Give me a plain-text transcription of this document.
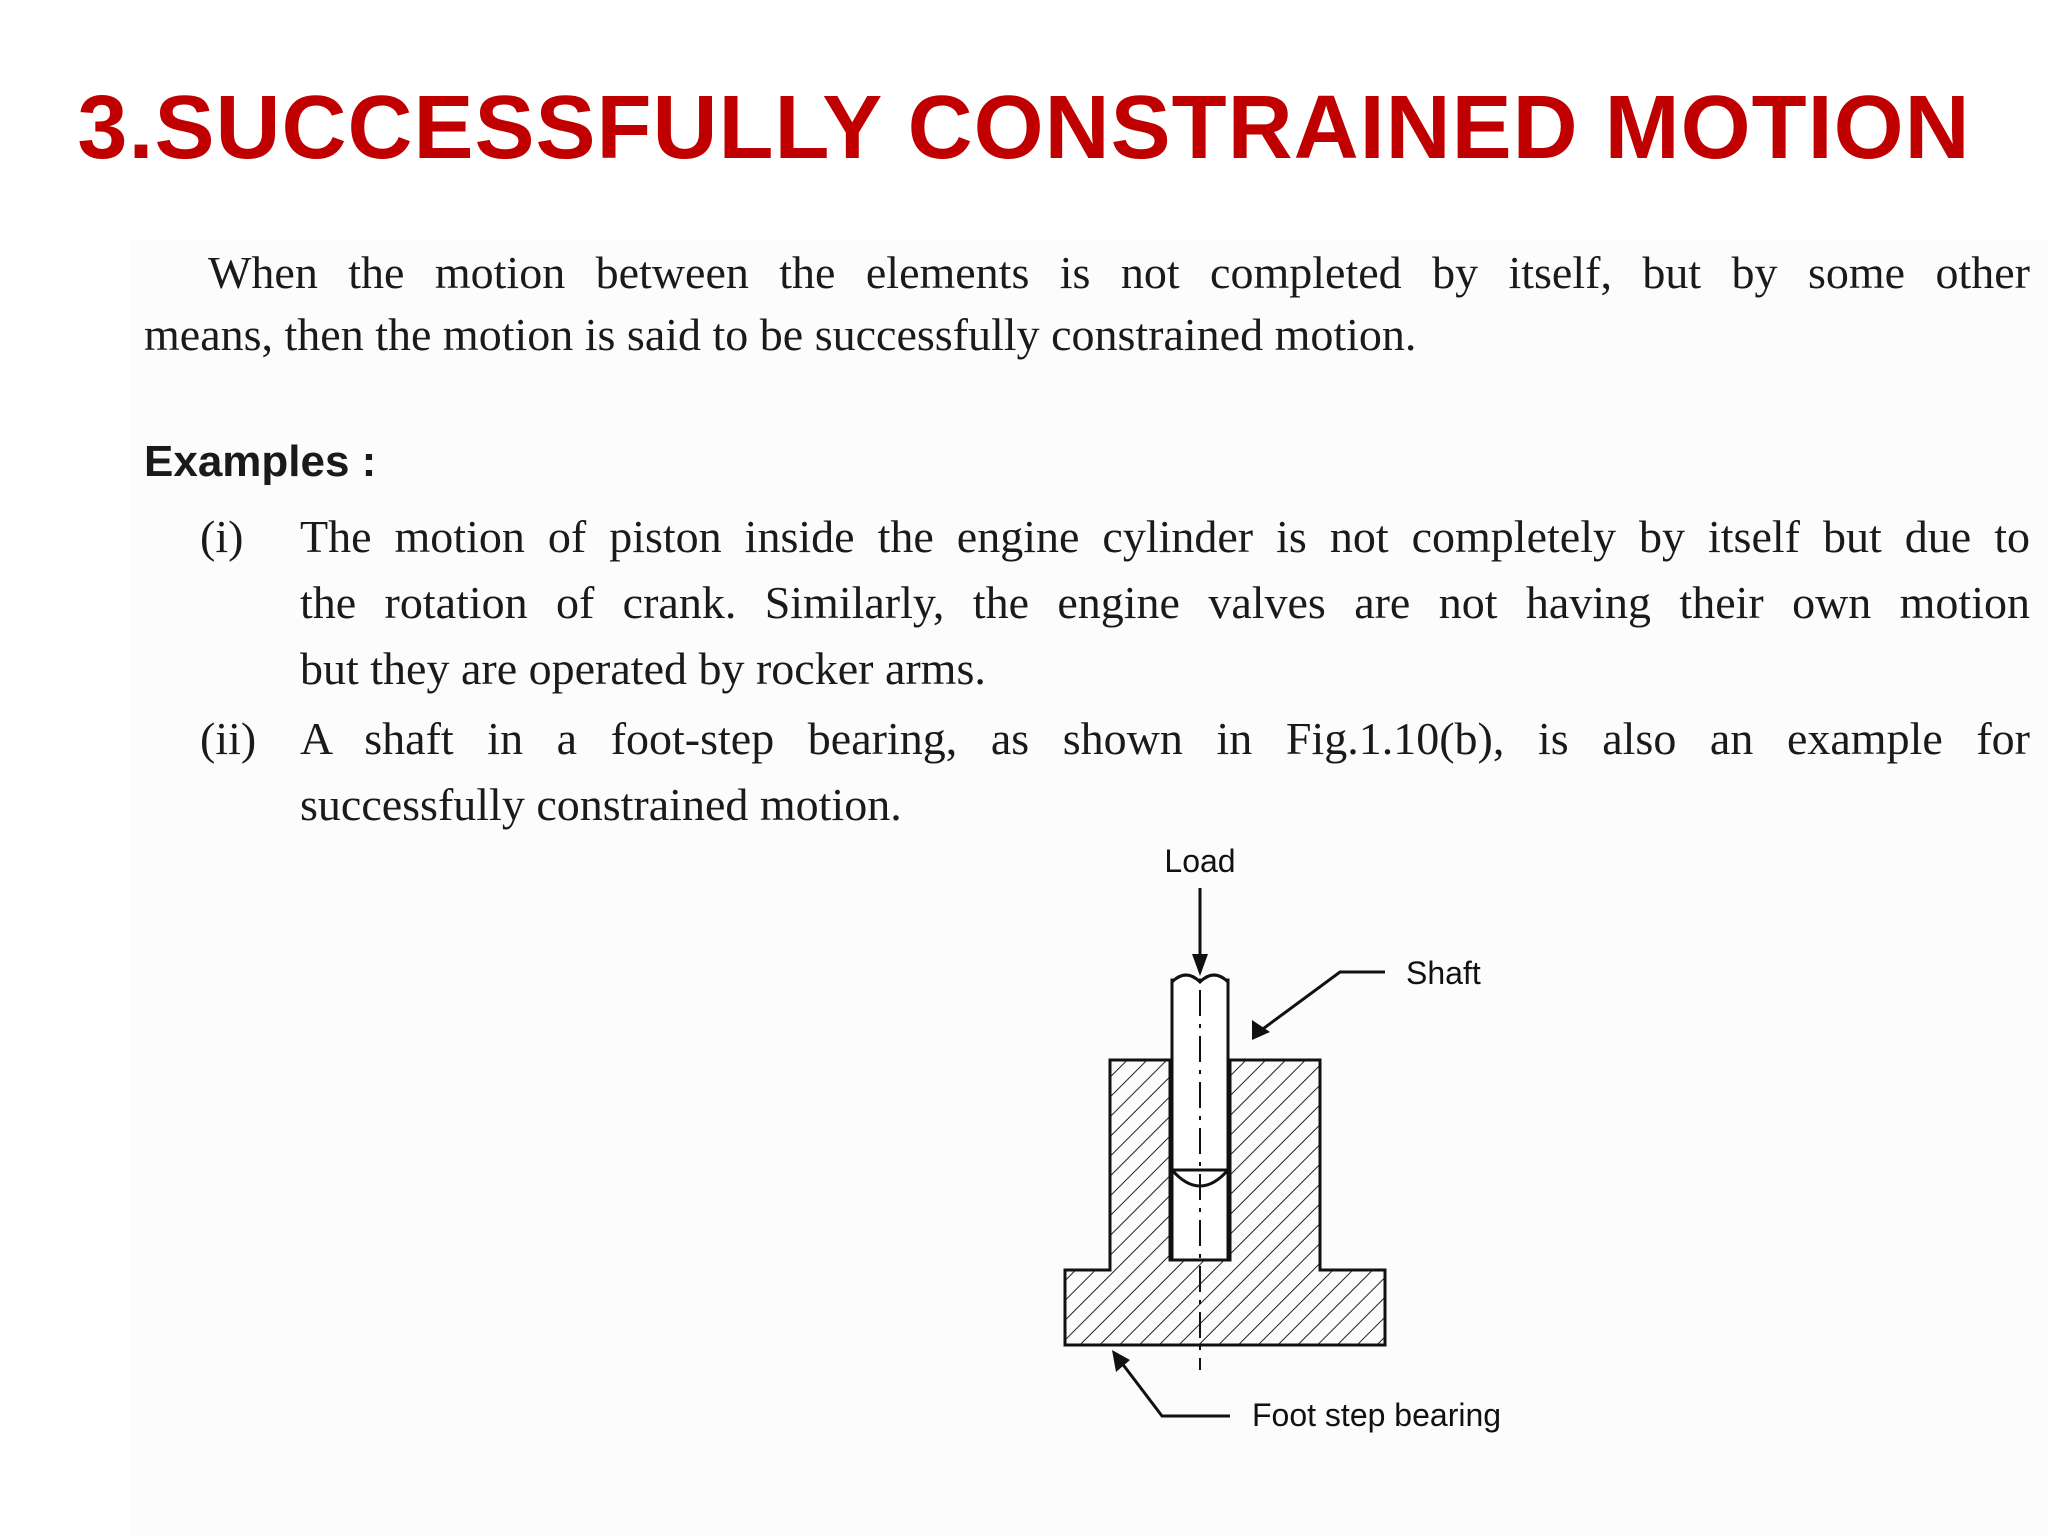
3.SUCCESSFULLY CONSTRAINED MOTION
When the motion between the elements is not completed by itself, but by some other
means, then the motion is said to be successfully constrained motion.
Examples :
(i) The motion of piston inside the engine cylinder is not completely by itself but due to
the rotation of crank. Similarly, the engine valves are not having their own motion
but they are operated by rocker arms.
(ii) A shaft in a foot-step bearing, as shown in Fig.1.10(b), is also an example for
successfully constrained motion.
Load
Shaft
Foot step bearing
